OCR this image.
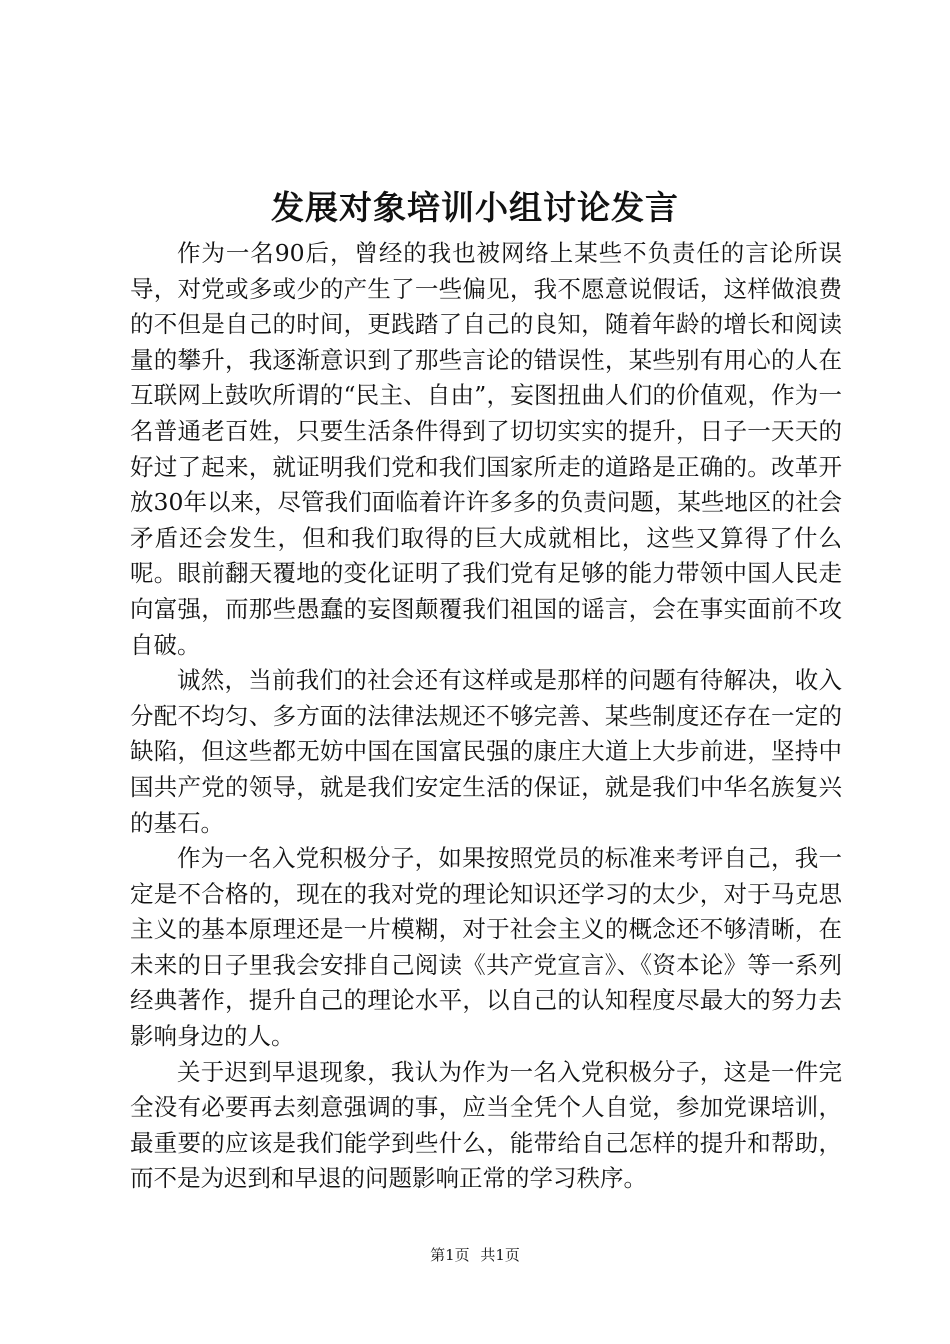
发展对象培训小组讨论发言

作为一名90后，曾经的我也被网络上某些不负责任的言论所误导，对党或多或少的产生了一些偏见，我不愿意说假话，这样做浪费的不但是自己的时间，更践踏了自己的良知，随着年龄的增长和阅读量的攀升，我逐渐意识到了那些言论的错误性，某些别有用心的人在互联网上鼓吹所谓的“民主、自由”，妄图扭曲人们的价值观，作为一名普通老百姓，只要生活条件得到了切切实实的提升，日子一天天的好过了起来，就证明我们党和我们国家所走的道路是正确的。改革开放30年以来，尽管我们面临着许许多多的负责问题，某些地区的社会矛盾还会发生，但和我们取得的巨大成就相比，这些又算得了什么呢。眼前翻天覆地的变化证明了我们党有足够的能力带领中国人民走向富强，而那些愚蠢的妄图颠覆我们祖国的谣言，会在事实面前不攻自破。

诚然，当前我们的社会还有这样或是那样的问题有待解决，收入分配不均匀、多方面的法律法规还不够完善、某些制度还存在一定的缺陷，但这些都无妨中国在国富民强的康庄大道上大步前进，坚持中国共产党的领导，就是我们安定生活的保证，就是我们中华名族复兴的基石。

作为一名入党积极分子，如果按照党员的标准来考评自己，我一定是不合格的，现在的我对党的理论知识还学习的太少，对于马克思主义的基本原理还是一片模糊，对于社会主义的概念还不够清晰，在未来的日子里我会安排自己阅读《共产党宣言》、《资本论》等一系列经典著作，提升自己的理论水平，以自己的认知程度尽最大的努力去影响身边的人。

关于迟到早退现象，我认为作为一名入党积极分子，这是一件完全没有必要再去刻意强调的事，应当全凭个人自觉，参加党课培训，最重要的应该是我们能学到些什么，能带给自己怎样的提升和帮助，而不是为迟到和早退的问题影响正常的学习秩序。

第1页 共1页
